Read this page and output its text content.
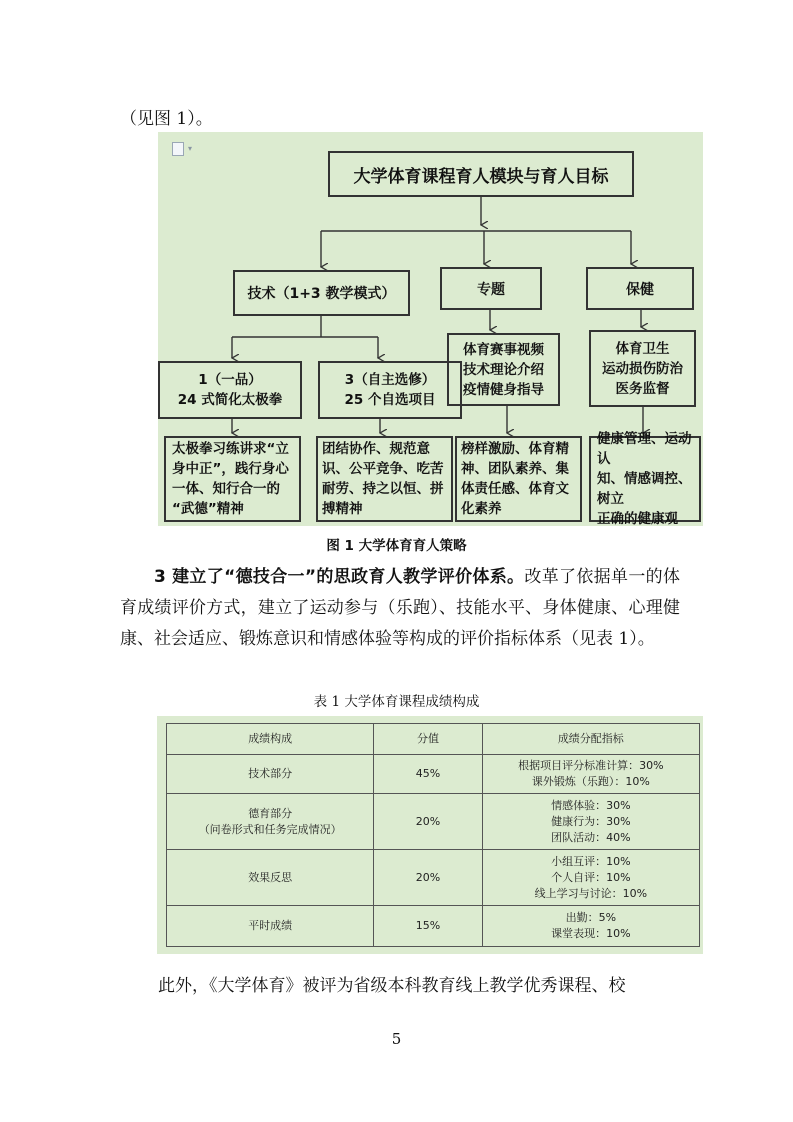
（见图 1）。
▾
大学体育课程育人模块与育人目标
技术（1+3 教学模式）	专题	保健
1（一品）
24 式简化太极拳
3（自主选修）
25 个自选项目
体育赛事视频
技术理论介绍
疫情健身指导
体育卫生
运动损伤防治
医务监督
太极拳习练讲求“立
身中正”，践行身心
一体、知行合一的
“武德”精神
团结协作、规范意
识、公平竞争、吃苦
耐劳、持之以恒、拼
搏精神
榜样激励、体育精
神、团队素养、集
体责任感、体育文
化素养
健康管理、运动认
知、情感调控、树立
正确的健康观
图 1 大学体育育人策略

3 建立了“德技合一”的思政育人教学评价体系。改革了依据单一的体育成绩评价方式，建立了运动参与（乐跑）、技能水平、身体健康、心理健康、社会适应、锻炼意识和情感体验等构成的评价指标体系（见表 1）。

表 1 大学体育课程成绩构成
成绩构成	分值	成绩分配指标

技术部分	45%	根据项目评分标准计算：30%
课外锻炼（乐跑）：10%

德育部分
（问卷形式和任务完成情况）	20%	情感体验：30%
健康行为：30%
团队活动：40%

效果反思	20%	小组互评：10%
个人自评：10%
线上学习与讨论：10%

平时成绩	15%	出勤：5%
课堂表现：10%
此外，《大学体育》被评为省级本科教育线上教学优秀课程、校
5
